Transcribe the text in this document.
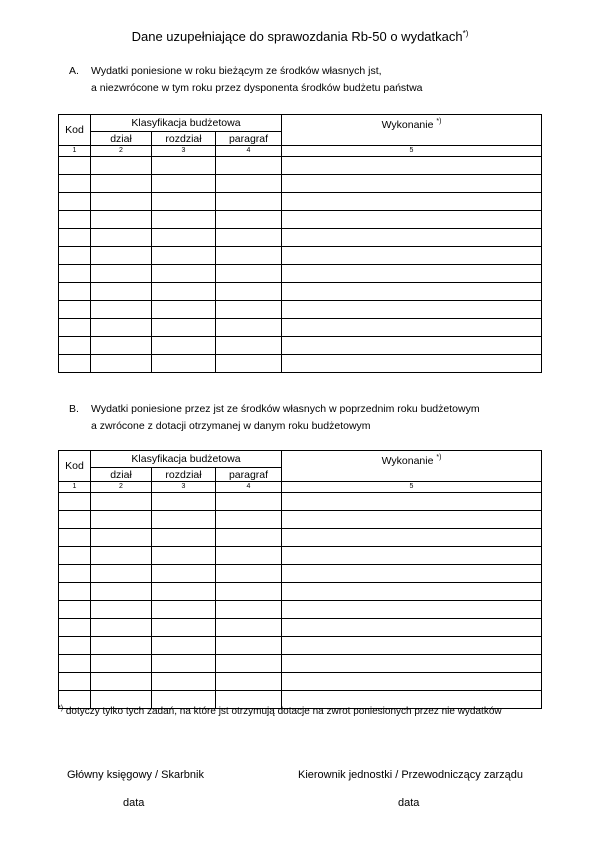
Dane uzupełniające do sprawozdania Rb-50 o wydatkach*)
A. Wydatki poniesione w roku bieżącym ze środków własnych jst,
a niezwrócone w tym roku przez dysponenta środków budżetu państwa
Kod	Klasyfikacja budżetowa			Wykonanie *)
	dział	rozdział	paragraf	
1	2	3	4	5

B. Wydatki poniesione przez jst ze środków własnych w poprzednim roku budżetowym
a zwrócone z dotacji otrzymanej w danym roku budżetowym
Kod	Klasyfikacja budżetowa			Wykonanie *)
	dział	rozdział	paragraf	
1	2	3	4	5

*) dotyczy tylko tych zadań, na które jst otrzymują dotacje na zwrot poniesionych przez nie wydatków
Główny księgowy / Skarbnik	Kierownik jednostki / Przewodniczący zarządu
data	data
